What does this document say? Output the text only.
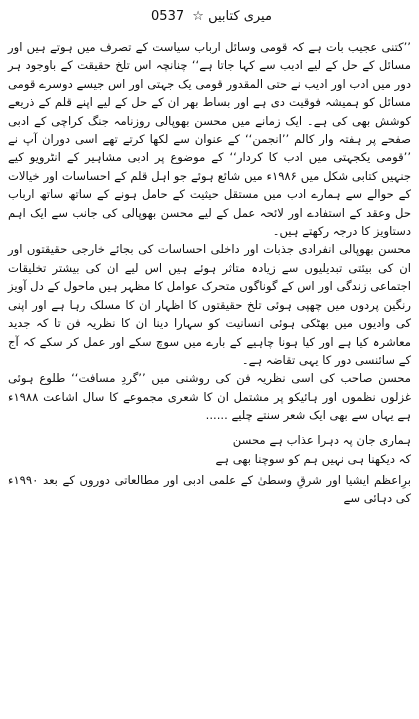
میری کتابیں ☆ 0537

’’کتنی عجیب بات ہے کہ قومی وسائل ارباب سیاست کے تصرف میں ہوتے ہیں اور مسائل کے حل کے لیے ادیب سے کہا جاتا ہے‘‘ چنانچہ اس تلخ حقیقت کے باوجود ہر دور میں ادب اور ادیب نے حتی المقدور قومی یک جہتی اور اس جیسے دوسرے قومی مسائل کو ہمیشہ فوقیت دی ہے اور بساط بھر ان کے حل کے لیے اپنے قلم کے ذریعے کوشش بھی کی ہے۔ ایک زمانے میں محسن بھوپالی روزنامہ جنگ کراچی کے ادبی صفحے پر ہفتہ وار کالم ’’انجمن‘‘ کے عنوان سے لکھا کرتے تھے اسی دوران آپ نے ’’قومی یکجہتی میں ادب کا کردار‘‘ کے موضوع پر ادبی مشاہیر کے انٹرویو کیے جنہیں کتابی شکل میں ۱۹۸۶ء میں شائع ہوئے جو اہل قلم کے احساسات اور خیالات کے حوالے سے ہمارے ادب میں مستقل حیثیت کے حامل ہونے کے ساتھ ساتھ ارباب حل وعقد کے استفادے اور لائحہ عمل کے لیے محسن بھوپالی کی جانب سے ایک اہم دستاویز کا درجہ رکھتے ہیں۔

محسن بھوپالی انفرادی جذبات اور داخلی احساسات کی بجائے خارجی حقیقتوں اور ان کی بیئتی تبدیلیوں سے زیادہ متاثر ہوئے ہیں اس لیے ان کی بیشتر تخلیقات اجتماعی زندگی اور اس کے گوناگوں متحرک عوامل کا مظہر ہیں ماحول کے دل آویز رنگین پردوں میں چھپی ہوئی تلخ حقیقتوں کا اظہار ان کا مسلک رہا ہے اور اپنی کی وادیوں میں بھٹکی ہوئی انسانیت کو سہارا دینا ان کا نظریہ فن تا کہ جدید معاشرہ کیا ہے اور کیا ہونا چاہیے کے بارے میں سوچ سکے اور عمل کر سکے کہ آج کے سائنسی دور کا یہی تقاضہ ہے۔

محسن صاحب کی اسی نظریہ فن کی روشنی میں ’’گردِ مسافت‘‘ طلوع ہوئی غزلوں نظموں اور ہائیکو پر مشتمل ان کا شعری مجموعے کا سال اشاعت ۱۹۸۸ء ہے یہاں سے بھی ایک شعر سنتے چلیے ......

ہماری جان پہ دہرا عذاب ہے محسن
کہ دیکھنا ہی نہیں ہم کو سوچنا بھی ہے

برِاعظم ایشیا اور شرقِ وسطیٰ کے علمی ادبی اور مطالعاتی دوروں کے بعد ۱۹۹۰ء کی دہائی سے
